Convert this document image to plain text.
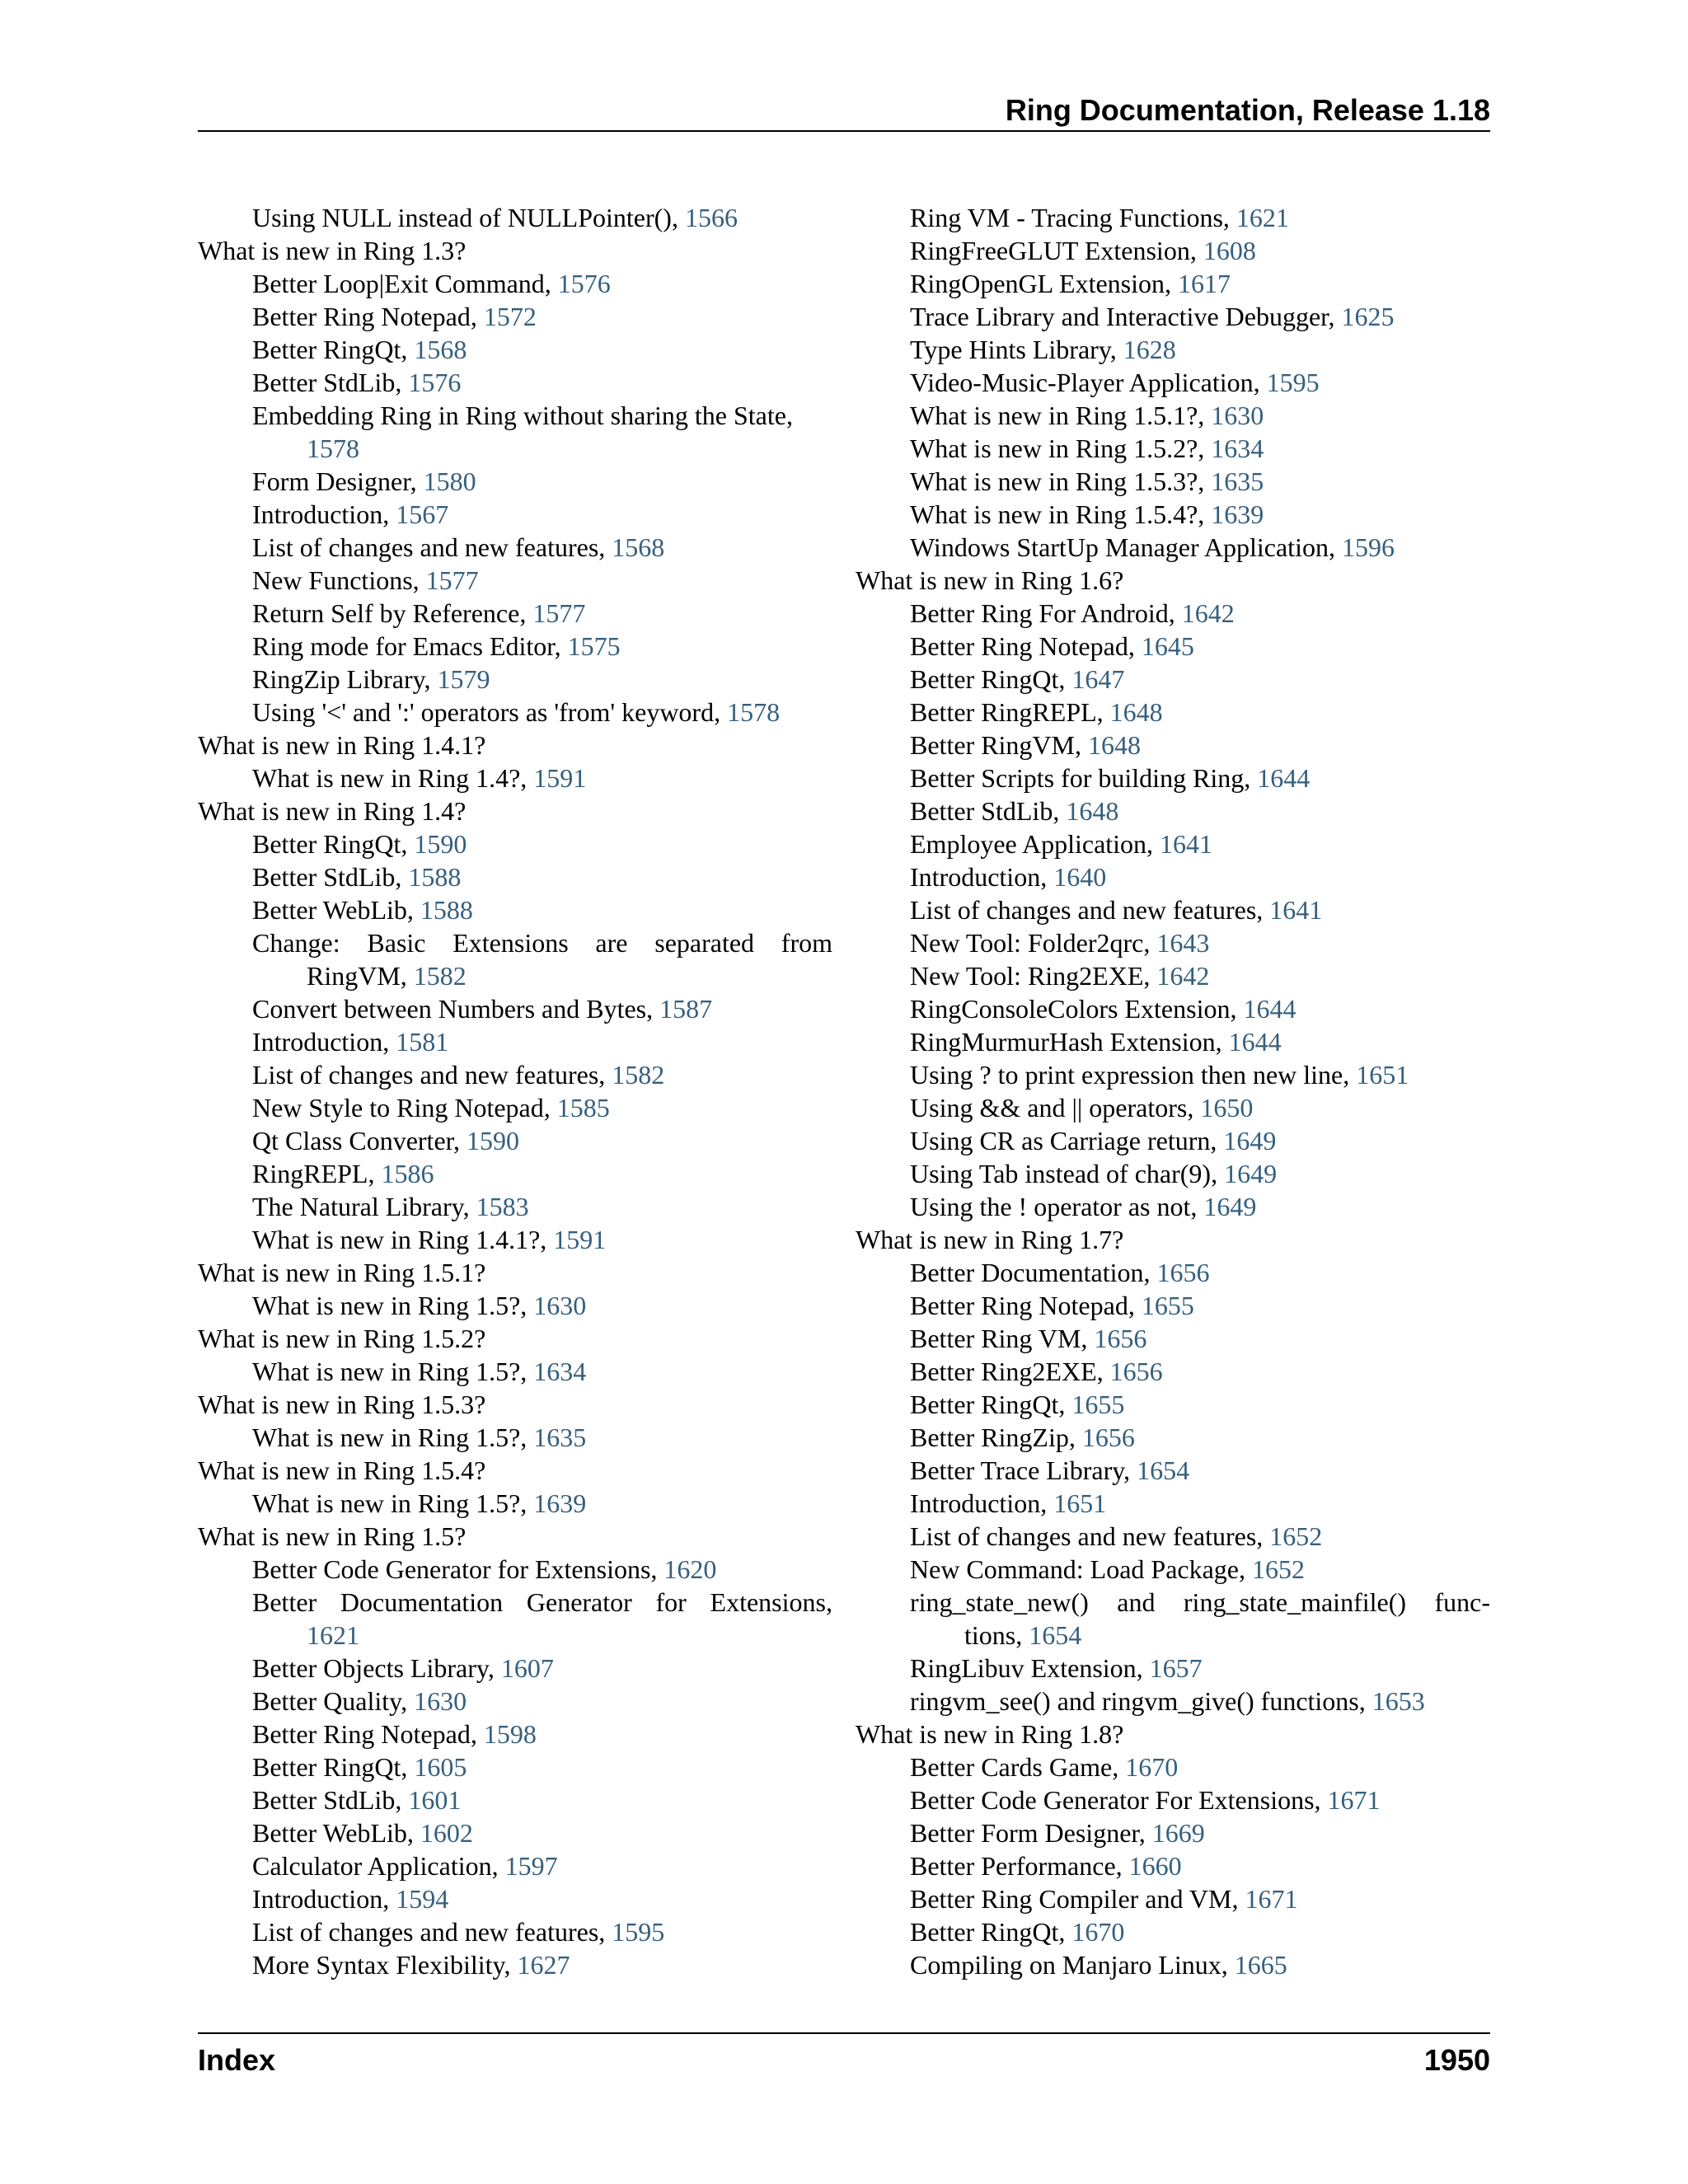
Ring Documentation, Release 1.18
Using NULL instead of NULLPointer(), 1566
What is new in Ring 1.3?
Better Loop|Exit Command, 1576
Better Ring Notepad, 1572
Better RingQt, 1568
Better StdLib, 1576
Embedding Ring in Ring without sharing the State,
1578
Form Designer, 1580
Introduction, 1567
List of changes and new features, 1568
New Functions, 1577
Return Self by Reference, 1577
Ring mode for Emacs Editor, 1575
RingZip Library, 1579
Using '<' and ':' operators as 'from' keyword, 1578
What is new in Ring 1.4.1?
What is new in Ring 1.4?, 1591
What is new in Ring 1.4?
Better RingQt, 1590
Better StdLib, 1588
Better WebLib, 1588
Change: Basic Extensions are separated from
RingVM, 1582
Convert between Numbers and Bytes, 1587
Introduction, 1581
List of changes and new features, 1582
New Style to Ring Notepad, 1585
Qt Class Converter, 1590
RingREPL, 1586
The Natural Library, 1583
What is new in Ring 1.4.1?, 1591
What is new in Ring 1.5.1?
What is new in Ring 1.5?, 1630
What is new in Ring 1.5.2?
What is new in Ring 1.5?, 1634
What is new in Ring 1.5.3?
What is new in Ring 1.5?, 1635
What is new in Ring 1.5.4?
What is new in Ring 1.5?, 1639
What is new in Ring 1.5?
Better Code Generator for Extensions, 1620
Better Documentation Generator for Extensions,
1621
Better Objects Library, 1607
Better Quality, 1630
Better Ring Notepad, 1598
Better RingQt, 1605
Better StdLib, 1601
Better WebLib, 1602
Calculator Application, 1597
Introduction, 1594
List of changes and new features, 1595
More Syntax Flexibility, 1627
Ring VM - Tracing Functions, 1621
RingFreeGLUT Extension, 1608
RingOpenGL Extension, 1617
Trace Library and Interactive Debugger, 1625
Type Hints Library, 1628
Video-Music-Player Application, 1595
What is new in Ring 1.5.1?, 1630
What is new in Ring 1.5.2?, 1634
What is new in Ring 1.5.3?, 1635
What is new in Ring 1.5.4?, 1639
Windows StartUp Manager Application, 1596
What is new in Ring 1.6?
Better Ring For Android, 1642
Better Ring Notepad, 1645
Better RingQt, 1647
Better RingREPL, 1648
Better RingVM, 1648
Better Scripts for building Ring, 1644
Better StdLib, 1648
Employee Application, 1641
Introduction, 1640
List of changes and new features, 1641
New Tool: Folder2qrc, 1643
New Tool: Ring2EXE, 1642
RingConsoleColors Extension, 1644
RingMurmurHash Extension, 1644
Using ? to print expression then new line, 1651
Using && and || operators, 1650
Using CR as Carriage return, 1649
Using Tab instead of char(9), 1649
Using the ! operator as not, 1649
What is new in Ring 1.7?
Better Documentation, 1656
Better Ring Notepad, 1655
Better Ring VM, 1656
Better Ring2EXE, 1656
Better RingQt, 1655
Better RingZip, 1656
Better Trace Library, 1654
Introduction, 1651
List of changes and new features, 1652
New Command: Load Package, 1652
ring_state_new() and ring_state_mainfile() func-
tions, 1654
RingLibuv Extension, 1657
ringvm_see() and ringvm_give() functions, 1653
What is new in Ring 1.8?
Better Cards Game, 1670
Better Code Generator For Extensions, 1671
Better Form Designer, 1669
Better Performance, 1660
Better Ring Compiler and VM, 1671
Better RingQt, 1670
Compiling on Manjaro Linux, 1665
Index	1950
